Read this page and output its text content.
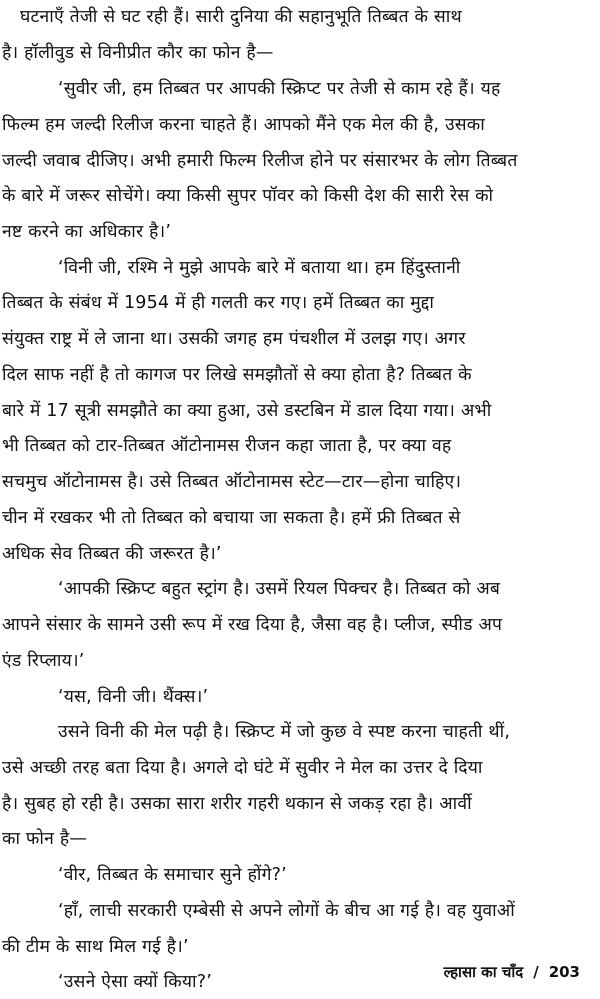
घटनाएँ तेजी से घट रही हैं। सारी दुनिया की सहानुभूति तिब्बत के साथ
है। हॉलीवुड से विनीप्रीत कौर का फोन है—
‘सुवीर जी, हम तिब्बत पर आपकी स्क्रिप्ट पर तेजी से काम रहे हैं। यह
फिल्म हम जल्दी रिलीज करना चाहते हैं। आपको मैंने एक मेल की है, उसका
जल्दी जवाब दीजिए। अभी हमारी फिल्म रिलीज होने पर संसारभर के लोग तिब्बत
के बारे में जरूर सोचेंगे। क्या किसी सुपर पॉवर को किसी देश की सारी रेस को
नष्ट करने का अधिकार है।’
‘विनी जी, रश्मि ने मुझे आपके बारे में बताया था। हम हिंदुस्तानी
तिब्बत के संबंध में 1954 में ही गलती कर गए। हमें तिब्बत का मुद्दा
संयुक्त राष्ट्र में ले जाना था। उसकी जगह हम पंचशील में उलझ गए। अगर
दिल साफ नहीं है तो कागज पर लिखे समझौतों से क्या होता है? तिब्बत के
बारे में 17 सूत्री समझौते का क्या हुआ, उसे डस्टबिन में डाल दिया गया। अभी
भी तिब्बत को टार-तिब्बत ऑटोनामस रीजन कहा जाता है, पर क्या वह
सचमुच ऑटोनामस है। उसे तिब्बत ऑटोनामस स्टेट—टार—होना चाहिए।
चीन में रखकर भी तो तिब्बत को बचाया जा सकता है। हमें फ्री तिब्बत से
अधिक सेव तिब्बत की जरूरत है।’
‘आपकी स्क्रिप्ट बहुत स्ट्रांग है। उसमें रियल पिक्चर है। तिब्बत को अब
आपने संसार के सामने उसी रूप में रख दिया है, जैसा वह है। प्लीज, स्पीड अप
एंड रिप्लाय।’
‘यस, विनी जी। थैंक्स।’
उसने विनी की मेल पढ़ी है। स्क्रिप्ट में जो कुछ वे स्पष्ट करना चाहती थीं,
उसे अच्छी तरह बता दिया है। अगले दो घंटे में सुवीर ने मेल का उत्तर दे दिया
है। सुबह हो रही है। उसका सारा शरीर गहरी थकान से जकड़ रहा है। आर्वी
का फोन है—
‘वीर, तिब्बत के समाचार सुने होंगे?’
‘हाँ, लाची सरकारी एम्बेसी से अपने लोगों के बीच आ गई है। वह युवाओं
की टीम के साथ मिल गई है।’
‘उसने ऐसा क्यों किया?’	ल्हासा का चाँद / 203
